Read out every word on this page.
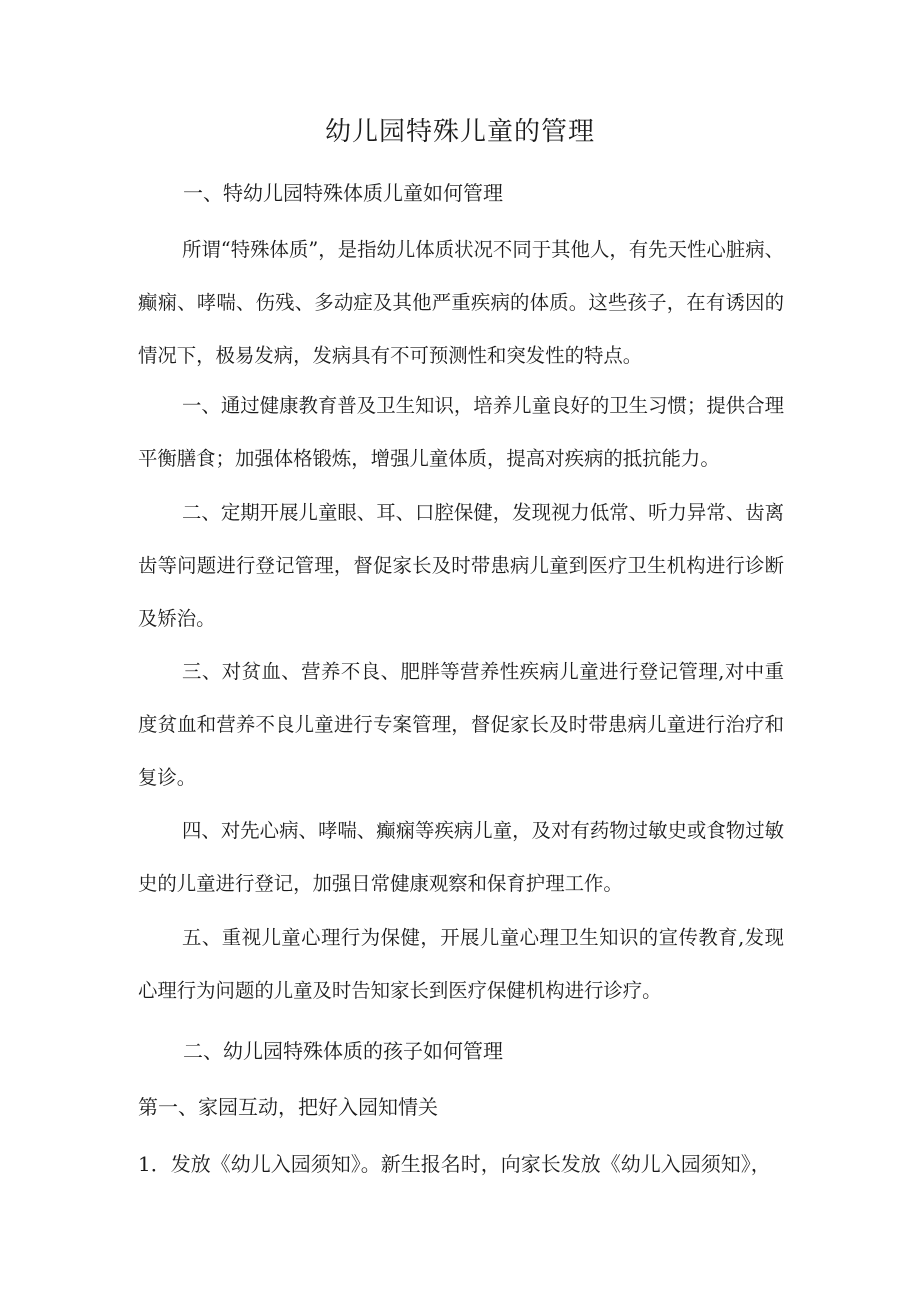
幼儿园特殊儿童的管理
一、特幼儿园特殊体质儿童如何管理

所谓“特殊体质”，是指幼儿体质状况不同于其他人，有先天性心脏病、癫痫、哮喘、伤残、多动症及其他严重疾病的体质。这些孩子，在有诱因的情况下，极易发病，发病具有不可预测性和突发性的特点。

一、通过健康教育普及卫生知识，培养儿童良好的卫生习惯；提供合理平衡膳食；加强体格锻炼，增强儿童体质，提高对疾病的抵抗能力。

二、定期开展儿童眼、耳、口腔保健，发现视力低常、听力异常、齿离齿等问题进行登记管理，督促家长及时带患病儿童到医疗卫生机构进行诊断及矫治。

三、对贫血、营养不良、肥胖等营养性疾病儿童进行登记管理,对中重度贫血和营养不良儿童进行专案管理，督促家长及时带患病儿童进行治疗和复诊。

四、对先心病、哮喘、癫痫等疾病儿童，及对有药物过敏史或食物过敏史的儿童进行登记，加强日常健康观察和保育护理工作。

五、重视儿童心理行为保健，开展儿童心理卫生知识的宣传教育,发现心理行为问题的儿童及时告知家长到医疗保健机构进行诊疗。

二、幼儿园特殊体质的孩子如何管理

第一、家园互动，把好入园知情关

1．发放《幼儿入园须知》。新生报名时，向家长发放《幼儿入园须知》，
